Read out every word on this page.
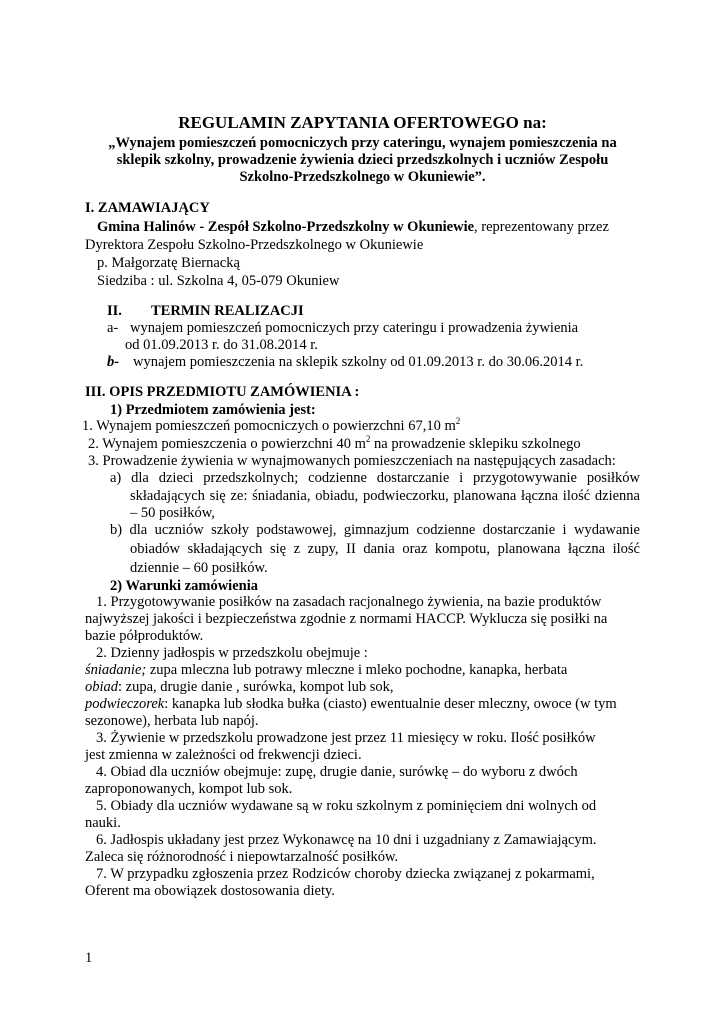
REGULAMIN ZAPYTANIA OFERTOWEGO na:
„Wynajem pomieszczeń pomocniczych przy cateringu, wynajem pomieszczenia na
sklepik szkolny, prowadzenie żywienia dzieci przedszkolnych i uczniów Zespołu
Szkolno-Przedszkolnego w Okuniewie”.
I. ZAMAWIAJĄCY
Gmina Halinów - Zespół Szkolno-Przedszkolny w Okuniewie, reprezentowany przez
Dyrektora Zespołu Szkolno-Przedszkolnego w Okuniewie
p. Małgorzatę Biernacką
Siedziba : ul. Szkolna 4, 05-079 Okuniew
II. TERMIN REALIZACJI
a- wynajem pomieszczeń pomocniczych przy cateringu i prowadzenia żywienia
od 01.09.2013 r. do 31.08.2014 r.
b- wynajem pomieszczenia na sklepik szkolny od 01.09.2013 r. do 30.06.2014 r.
III. OPIS PRZEDMIOTU ZAMÓWIENIA :
1) Przedmiotem zamówienia jest:
1. Wynajem pomieszczeń pomocniczych o powierzchni 67,10 $m^2$
2. Wynajem pomieszczenia o powierzchni 40 $m^2$ na prowadzenie sklepiku szkolnego
3. Prowadzenie żywienia w wynajmowanych pomieszczeniach na następujących zasadach:
a) dla dzieci przedszkolnych; codzienne dostarczanie i przygotowywanie posiłków
składających się ze: śniadania, obiadu, podwieczorku, planowana łączna ilość dzienna
– 50 posiłków,
b) dla uczniów szkoły podstawowej, gimnazjum codzienne dostarczanie i wydawanie
obiadów składających się z zupy, II dania oraz kompotu, planowana łączna ilość
dziennie – 60 posiłków.
2) Warunki zamówienia
1. Przygotowywanie posiłków na zasadach racjonalnego żywienia, na bazie produktów
najwyższej jakości i bezpieczeństwa zgodnie z normami HACCP. Wyklucza się posiłki na
bazie półproduktów.
2. Dzienny jadłospis w przedszkolu obejmuje :
śniadanie; zupa mleczna lub potrawy mleczne i mleko pochodne, kanapka, herbata
obiad: zupa, drugie danie , surówka, kompot lub sok,
podwieczorek: kanapka lub słodka bułka (ciasto) ewentualnie deser mleczny, owoce (w tym
sezonowe), herbata lub napój.
3. Żywienie w przedszkolu prowadzone jest przez 11 miesięcy w roku. Ilość posiłków
jest zmienna w zależności od frekwencji dzieci.
4. Obiad dla uczniów obejmuje: zupę, drugie danie, surówkę – do wyboru z dwóch
zaproponowanych, kompot lub sok.
5. Obiady dla uczniów wydawane są w roku szkolnym z pominięciem dni wolnych od
nauki.
6. Jadłospis układany jest przez Wykonawcę na 10 dni i uzgadniany z Zamawiającym.
Zaleca się różnorodność i niepowtarzalność posiłków.
7. W przypadku zgłoszenia przez Rodziców choroby dziecka związanej z pokarmami,
Oferent ma obowiązek dostosowania diety.
1
